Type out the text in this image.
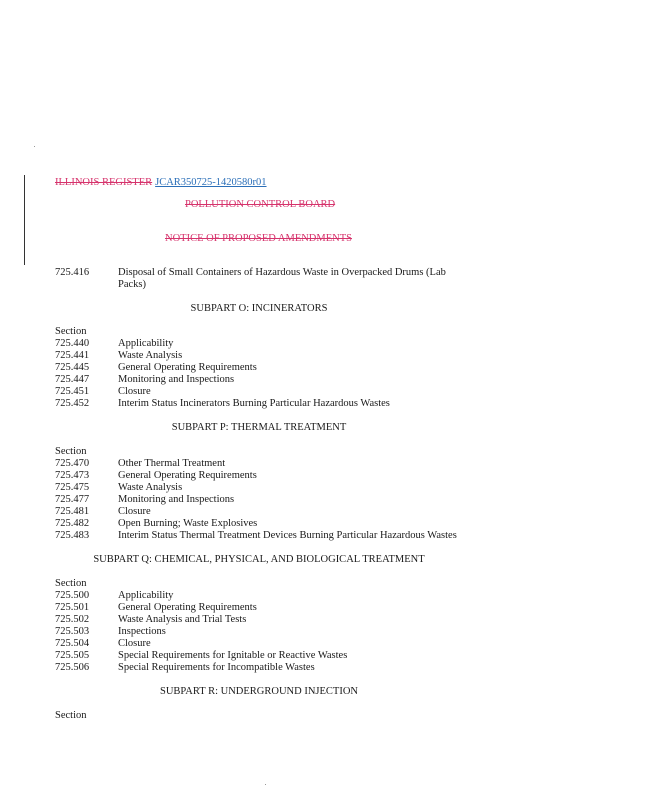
ILLINOIS REGISTER JCAR350725-1420580r01
POLLUTION CONTROL BOARD
NOTICE OF PROPOSED AMENDMENTS
725.416	Disposal of Small Containers of Hazardous Waste in Overpacked Drums (Lab
Packs)
SUBPART O: INCINERATORS
Section
725.440	Applicability
725.441	Waste Analysis
725.445	General Operating Requirements
725.447	Monitoring and Inspections
725.451	Closure
725.452	Interim Status Incinerators Burning Particular Hazardous Wastes
SUBPART P: THERMAL TREATMENT
Section
725.470	Other Thermal Treatment
725.473	General Operating Requirements
725.475	Waste Analysis
725.477	Monitoring and Inspections
725.481	Closure
725.482	Open Burning; Waste Explosives
725.483	Interim Status Thermal Treatment Devices Burning Particular Hazardous Wastes
SUBPART Q: CHEMICAL, PHYSICAL, AND BIOLOGICAL TREATMENT
Section
725.500	Applicability
725.501	General Operating Requirements
725.502	Waste Analysis and Trial Tests
725.503	Inspections
725.504	Closure
725.505	Special Requirements for Ignitable or Reactive Wastes
725.506	Special Requirements for Incompatible Wastes
SUBPART R: UNDERGROUND INJECTION
Section
